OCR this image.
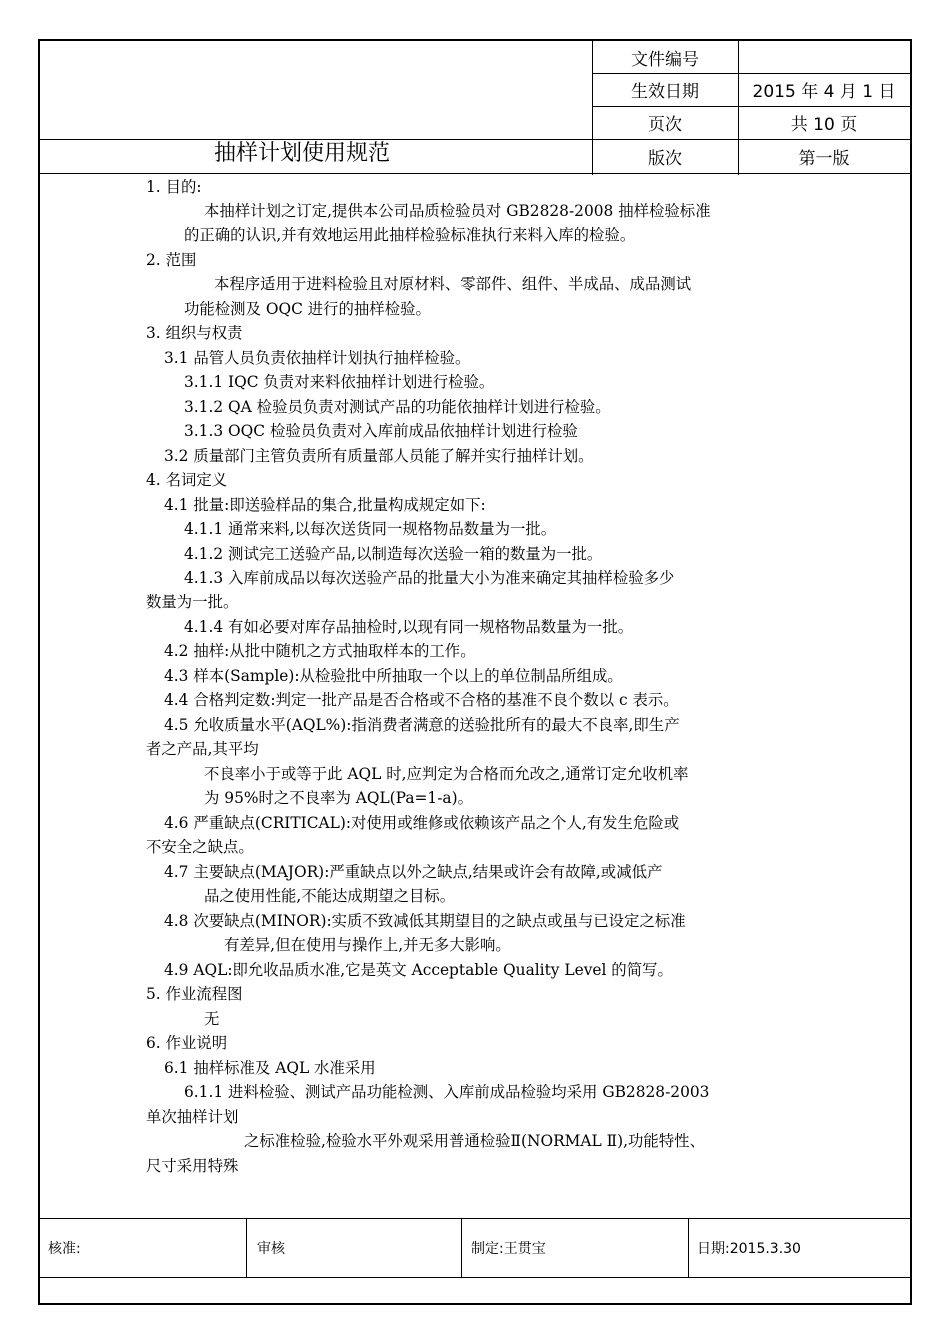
抽样计划使用规范
文件编号
生效日期	2015 年 4 月 1 日
页次	共 10 页
版次	第一版
1. 目的:
本抽样计划之订定,提供本公司品质检验员对 GB2828-2008 抽样检验标准
的正确的认识,并有效地运用此抽样检验标准执行来料入库的检验。
2. 范围
本程序适用于进料检验且对原材料、零部件、组件、半成品、成品测试
功能检测及 OQC 进行的抽样检验。
3. 组织与权责
3.1 品管人员负责依抽样计划执行抽样检验。
3.1.1 IQC 负责对来料依抽样计划进行检验。
3.1.2 QA 检验员负责对测试产品的功能依抽样计划进行检验。
3.1.3 OQC 检验员负责对入库前成品依抽样计划进行检验
3.2 质量部门主管负责所有质量部人员能了解并实行抽样计划。
4. 名词定义
4.1 批量:即送验样品的集合,批量构成规定如下:
4.1.1 通常来料,以每次送货同一规格物品数量为一批。
4.1.2 测试完工送验产品,以制造每次送验一箱的数量为一批。
4.1.3 入库前成品以每次送验产品的批量大小为准来确定其抽样检验多少
数量为一批。
4.1.4 有如必要对库存品抽检时,以现有同一规格物品数量为一批。
4.2 抽样:从批中随机之方式抽取样本的工作。
4.3 样本(Sample):从检验批中所抽取一个以上的单位制品所组成。
4.4 合格判定数:判定一批产品是否合格或不合格的基准不良个数以 c 表示。
4.5 允收质量水平(AQL%):指消费者满意的送验批所有的最大不良率,即生产
者之产品,其平均
不良率小于或等于此 AQL 时,应判定为合格而允改之,通常订定允收机率
为 95%时之不良率为 AQL(Pa=1-a)。
4.6 严重缺点(CRITICAL):对使用或维修或依赖该产品之个人,有发生危险或
不安全之缺点。
4.7 主要缺点(MAJOR):严重缺点以外之缺点,结果或许会有故障,或减低产
品之使用性能,不能达成期望之目标。
4.8 次要缺点(MINOR):实质不致减低其期望目的之缺点或虽与已设定之标准
有差异,但在使用与操作上,并无多大影响。
4.9 AQL:即允收品质水准,它是英文 Acceptable Quality Level 的简写。
5. 作业流程图
无
6. 作业说明
6.1 抽样标准及 AQL 水准采用
6.1.1 进料检验、测试产品功能检测、入库前成品检验均采用 GB2828-2003
单次抽样计划
之标准检验,检验水平外观采用普通检验Ⅱ(NORMAL Ⅱ),功能特性、
尺寸采用特殊
核准:	审核	制定:王贯宝	日期:2015.3.30
